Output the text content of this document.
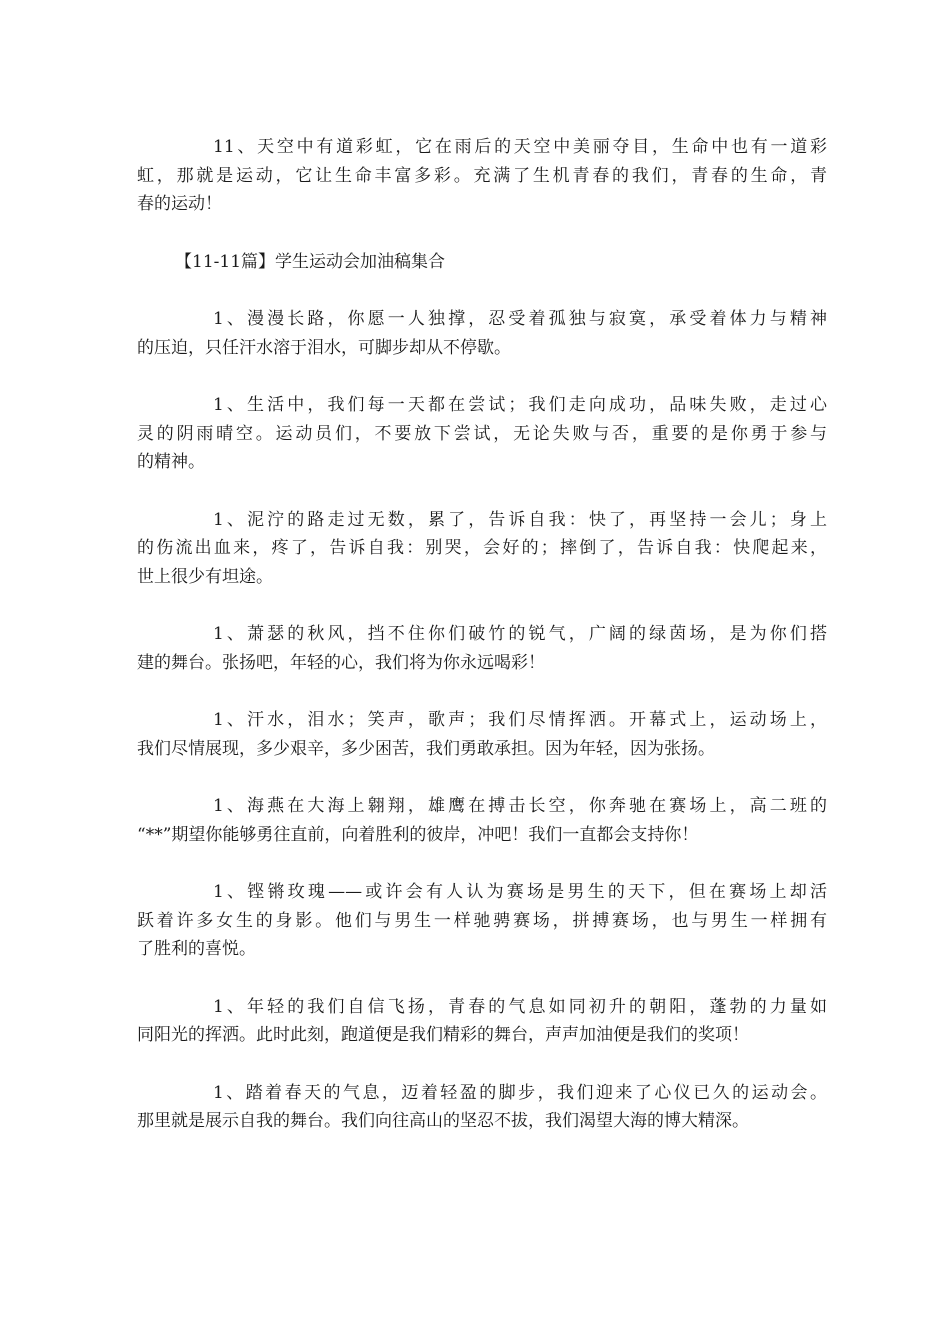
11、天空中有道彩虹，它在雨后的天空中美丽夺目，生命中也有一道彩
虹，那就是运动，它让生命丰富多彩。充满了生机青春的我们，青春的生命，青
春的运动！
【11-11篇】学生运动会加油稿集合
1、漫漫长路，你愿一人独撑，忍受着孤独与寂寞，承受着体力与精神
的压迫，只任汗水溶于泪水，可脚步却从不停歇。
1、生活中，我们每一天都在尝试；我们走向成功，品味失败，走过心
灵的阴雨晴空。运动员们，不要放下尝试，无论失败与否，重要的是你勇于参与
的精神。
1、泥泞的路走过无数，累了，告诉自我：快了，再坚持一会儿；身上
的伤流出血来，疼了，告诉自我：别哭，会好的；摔倒了，告诉自我：快爬起来，
世上很少有坦途。
1、萧瑟的秋风，挡不住你们破竹的锐气，广阔的绿茵场，是为你们搭
建的舞台。张扬吧，年轻的心，我们将为你永远喝彩！
1、汗水，泪水；笑声，歌声；我们尽情挥洒。开幕式上，运动场上，
我们尽情展现，多少艰辛，多少困苦，我们勇敢承担。因为年轻，因为张扬。
1、海燕在大海上翱翔，雄鹰在搏击长空，你奔驰在赛场上，高二班的
“**”期望你能够勇往直前，向着胜利的彼岸，冲吧！我们一直都会支持你！
1、铿锵玫瑰——或许会有人认为赛场是男生的天下，但在赛场上却活
跃着许多女生的身影。他们与男生一样驰骋赛场，拼搏赛场，也与男生一样拥有
了胜利的喜悦。
1、年轻的我们自信飞扬，青春的气息如同初升的朝阳，蓬勃的力量如
同阳光的挥洒。此时此刻，跑道便是我们精彩的舞台，声声加油便是我们的奖项！
1、踏着春天的气息，迈着轻盈的脚步，我们迎来了心仪已久的运动会。
那里就是展示自我的舞台。我们向往高山的坚忍不拔，我们渴望大海的博大精深。
